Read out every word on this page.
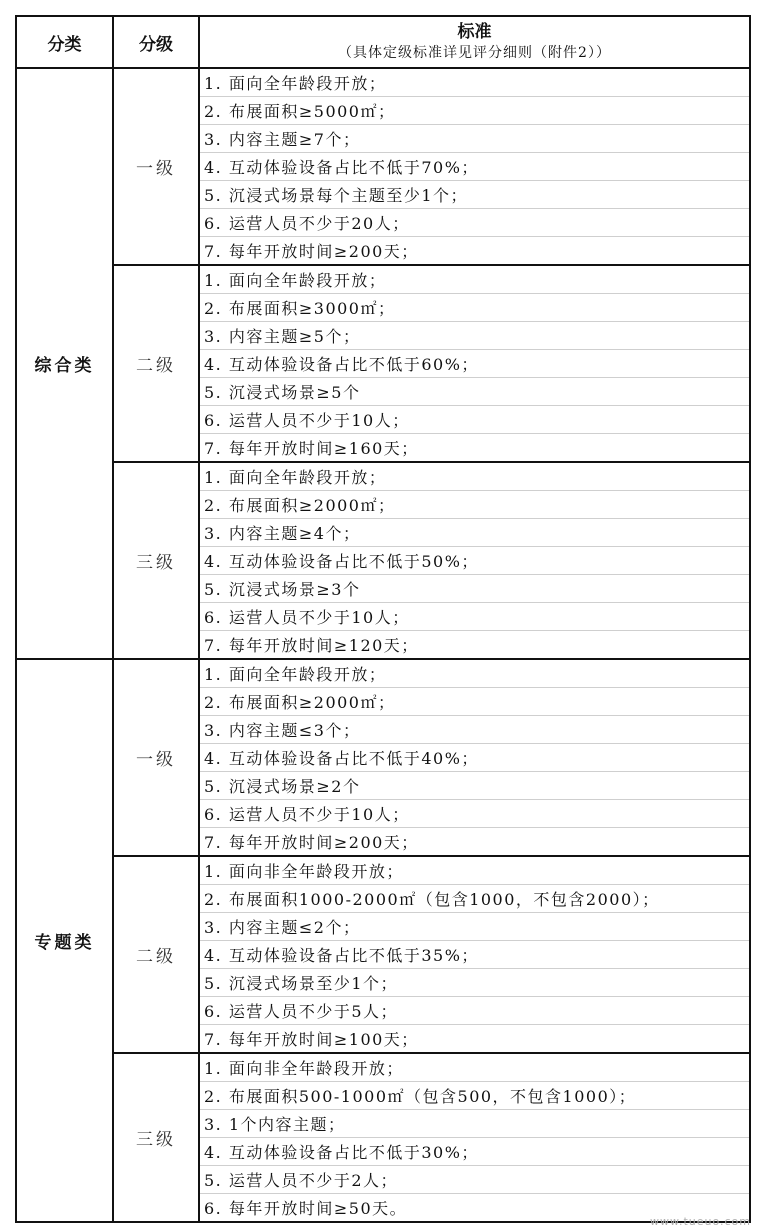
分类	分级	标准
（具体定级标准详见评分细则（附件2））

综合类	一级	1. 面向全年龄段开放；
		2. 布展面积≥5000㎡；
		3. 内容主题≥7个；
		4. 互动体验设备占比不低于70%；
		5. 沉浸式场景每个主题至少1个；
		6. 运营人员不少于20人；
		7. 每年开放时间≥200天；
	二级	1. 面向全年龄段开放；
		2. 布展面积≥3000㎡；
		3. 内容主题≥5个；
		4. 互动体验设备占比不低于60%；
		5. 沉浸式场景≥5个
		6. 运营人员不少于10人；
		7. 每年开放时间≥160天；
	三级	1. 面向全年龄段开放；
		2. 布展面积≥2000㎡；
		3. 内容主题≥4个；
		4. 互动体验设备占比不低于50%；
		5. 沉浸式场景≥3个
		6. 运营人员不少于10人；
		7. 每年开放时间≥120天；
专题类	一级	1. 面向全年龄段开放；
		2. 布展面积≥2000㎡；
		3. 内容主题≤3个；
		4. 互动体验设备占比不低于40%；
		5. 沉浸式场景≥2个
		6. 运营人员不少于10人；
		7. 每年开放时间≥200天；
	二级	1. 面向非全年龄段开放；
		2. 布展面积1000-2000㎡（包含1000，不包含2000）；
		3. 内容主题≤2个；
		4. 互动体验设备占比不低于35%；
		5. 沉浸式场景至少1个；
		6. 运营人员不少于5人；
		7. 每年开放时间≥100天；
	三级	1. 面向非全年龄段开放；
		2. 布展面积500-1000㎡（包含500，不包含1000）；
		3. 1个内容主题；
		4. 互动体验设备占比不低于30%；
		5. 运营人员不少于2人；
		6. 每年开放时间≥50天。
www.tueuo.com
